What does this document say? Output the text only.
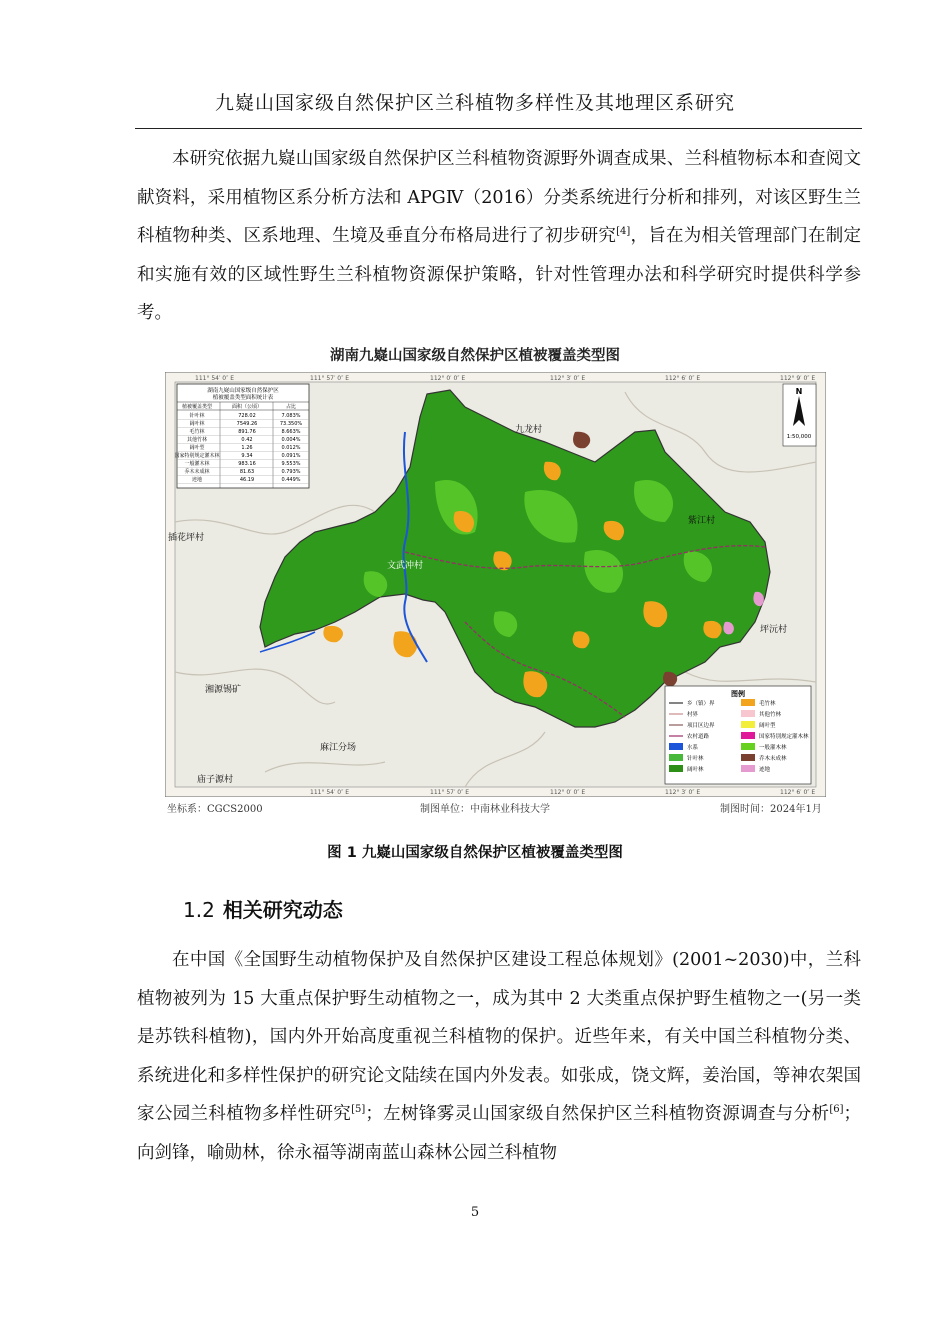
九嶷山国家级自然保护区兰科植物多样性及其地理区系研究

本研究依据九嶷山国家级自然保护区兰科植物资源野外调查成果、兰科植物标本和查阅文献资料，采用植物区系分析方法和 APGⅣ（2016）分类系统进行分析和排列，对该区野生兰科植物种类、区系地理、生境及垂直分布格局进行了初步研究[4]，旨在为相关管理部门在制定和实施有效的区域性野生兰科植物资源保护策略，针对性管理办法和科学研究时提供科学参考。

湖南九嶷山国家级自然保护区植被覆盖类型图
111° 54′ 0″ E	111° 57′ 0″ E	112° 0′ 0″ E	112° 3′ 0″ E	112° 6′ 0″ E	112° 9′ 0″ E
111° 54′ 0″ E	111° 57′ 0″ E	112° 0′ 0″ E	112° 3′ 0″ E	112° 6′ 0″ E
湖南九嶷山国家级自然保护区
植被覆盖类型面积统计表
植被覆盖类型	面积（公顷）	占比
针叶林	728.02	7.083%
阔叶林	7549.26	73.350%
毛竹林	891.76	8.663%
其他竹林	0.42	0.004%
阔叶型	1.26	0.012%
国家特别规定灌木林	9.34	0.091%
一般灌木林	983.16	9.553%
乔木未成林	81.63	0.793%
迹地	46.19	0.449%
N
1:50,000
九龙村
紫江村
插花坪村
文武冲村
坪沅村
湘源锡矿
麻江分场
庙子源村
图例
乡（镇）界	毛竹林
村界	其他竹林
项目区边界	阔叶型
农村道路	国家特别规定灌木林
水系	一般灌木林
针叶林	乔木未成林
阔叶林	迹地
坐标系：CGCS2000	制图单位：中南林业科技大学	制图时间：2024年1月
图 1 九嶷山国家级自然保护区植被覆盖类型图
1.2 相关研究动态

在中国《全国野生动植物保护及自然保护区建设工程总体规划》(2001~2030)中，兰科植物被列为 15 大重点保护野生动植物之一，成为其中 2 大类重点保护野生植物之一(另一类是苏铁科植物)，国内外开始高度重视兰科植物的保护。近些年来，有关中国兰科植物分类、系统进化和多样性保护的研究论文陆续在国内外发表。如张成，饶文辉，姜治国，等神农架国家公园兰科植物多样性研究[5]；左树锋雾灵山国家级自然保护区兰科植物资源调查与分析[6]；向剑锋，喻勋林，徐永福等湖南蓝山森林公园兰科植物

5
